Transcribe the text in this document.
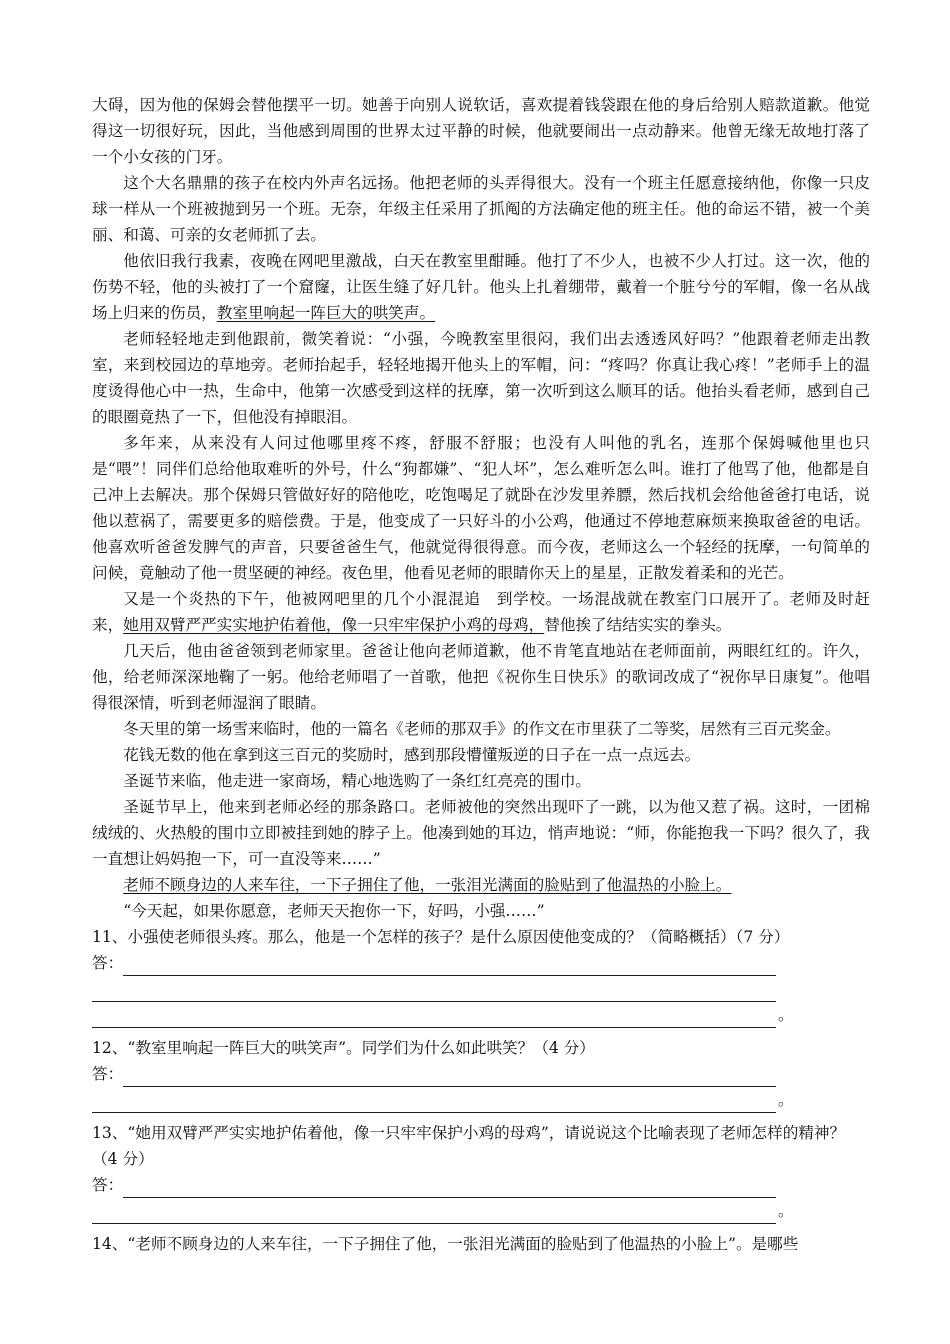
大碍，因为他的保姆会替他摆平一切。她善于向别人说软话，喜欢提着钱袋跟在他的身后给别人赔款道歉。他觉得这一切很好玩，因此，当他感到周围的世界太过平静的时候，他就要闹出一点动静来。他曾无缘无故地打落了一个小女孩的门牙。

这个大名鼎鼎的孩子在校内外声名远扬。他把老师的头弄得很大。没有一个班主任愿意接纳他，你像一只皮球一样从一个班被抛到另一个班。无奈，年级主任采用了抓阄的方法确定他的班主任。他的命运不错，被一个美丽、和蔼、可亲的女老师抓了去。

他依旧我行我素，夜晚在网吧里激战，白天在教室里酣睡。他打了不少人，也被不少人打过。这一次，他的伤势不轻，他的头被打了一个窟窿，让医生缝了好几针。他头上扎着绷带，戴着一个脏兮兮的军帽，像一名从战场上归来的伤员，教室里响起一阵巨大的哄笑声。

老师轻轻地走到他跟前，微笑着说：“小强，今晚教室里很闷，我们出去透透风好吗？”他跟着老师走出教室，来到校园边的草地旁。老师抬起手，轻轻地揭开他头上的军帽，问：“疼吗？你真让我心疼！”老师手上的温度烫得他心中一热，生命中，他第一次感受到这样的抚摩，第一次听到这么顺耳的话。他抬头看老师，感到自己的眼圈竟热了一下，但他没有掉眼泪。

多年来，从来没有人问过他哪里疼不疼，舒服不舒服；也没有人叫他的乳名，连那个保姆喊他里也只是“喂”！同伴们总给他取难听的外号，什么“狗都嫌”、“犯人坏”，怎么难听怎么叫。谁打了他骂了他，他都是自己冲上去解决。那个保姆只管做好好的陪他吃，吃饱喝足了就卧在沙发里养膘，然后找机会给他爸爸打电话，说他以惹祸了，需要更多的赔偿费。于是，他变成了一只好斗的小公鸡，他通过不停地惹麻烦来换取爸爸的电话。他喜欢听爸爸发脾气的声音，只要爸爸生气，他就觉得很得意。而今夜，老师这么一个轻经的抚摩，一句简单的问候，竟触动了他一贯坚硬的神经。夜色里，他看见老师的眼睛你天上的星星，正散发着柔和的光芒。

又是一个炎热的下午，他被网吧里的几个小混混追　到学校。一场混战就在教室门口展开了。老师及时赶来，她用双臂严严实实地护佑着他，像一只牢牢保护小鸡的母鸡，替他挨了结结实实的拳头。

几天后，他由爸爸领到老师家里。爸爸让他向老师道歉，他不肯笔直地站在老师面前，两眼红红的。许久，他，给老师深深地鞠了一躬。他给老师唱了一首歌，他把《祝你生日快乐》的歌词改成了“祝你早日康复”。他唱得很深情，听到老师湿润了眼睛。

冬天里的第一场雪来临时，他的一篇名《老师的那双手》的作文在市里获了二等奖，居然有三百元奖金。

花钱无数的他在拿到这三百元的奖励时，感到那段懵懂叛逆的日子在一点一点远去。

圣诞节来临，他走进一家商场，精心地选购了一条红红亮亮的围巾。

圣诞节早上，他来到老师必经的那条路口。老师被他的突然出现吓了一跳，以为他又惹了祸。这时，一团棉绒绒的、火热般的围巾立即被挂到她的脖子上。他凑到她的耳边，悄声地说：“师，你能抱我一下吗？很久了，我一直想让妈妈抱一下，可一直没等来……”

老师不顾身边的人来车往，一下子拥住了他，一张泪光满面的脸贴到了他温热的小脸上。

“今天起，如果你愿意，老师天天抱你一下，好吗，小强……”

11、小强使老师很头疼。那么，他是一个怎样的孩子？是什么原因使他变成的？（简略概括）（7 分）

答：
。

12、“教室里响起一阵巨大的哄笑声”。同学们为什么如此哄笑？（4 分）

答：
。

13、“她用双臂严严实实地护佑着他，像一只牢牢保护小鸡的母鸡”，请说说这个比喻表现了老师怎样的精神？（4 分）

答：
。

14、“老师不顾身边的人来车往，一下子拥住了他，一张泪光满面的脸贴到了他温热的小脸上”。是哪些
